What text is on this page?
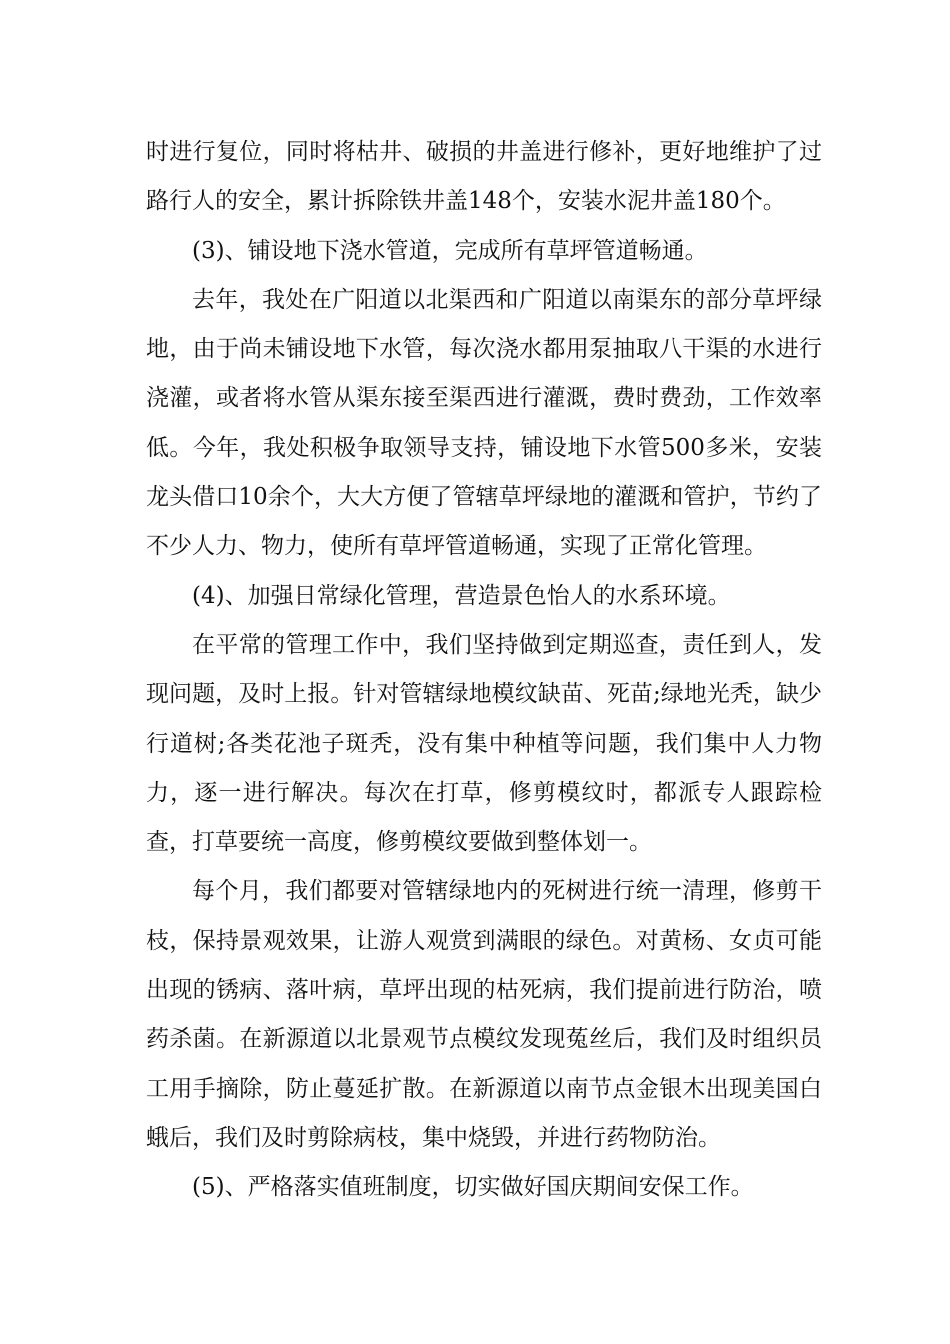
时进行复位，同时将枯井、破损的井盖进行修补，更好地维护了过路行人的安全，累计拆除铁井盖148个，安装水泥井盖180个。

(3)、铺设地下浇水管道，完成所有草坪管道畅通。

去年，我处在广阳道以北渠西和广阳道以南渠东的部分草坪绿地，由于尚未铺设地下水管，每次浇水都用泵抽取八干渠的水进行浇灌，或者将水管从渠东接至渠西进行灌溉，费时费劲，工作效率低。今年，我处积极争取领导支持，铺设地下水管500多米，安装龙头借口10余个，大大方便了管辖草坪绿地的灌溉和管护，节约了不少人力、物力，使所有草坪管道畅通，实现了正常化管理。

(4)、加强日常绿化管理，营造景色怡人的水系环境。

在平常的管理工作中，我们坚持做到定期巡查，责任到人，发现问题，及时上报。针对管辖绿地模纹缺苗、死苗;绿地光秃，缺少行道树;各类花池子斑秃，没有集中种植等问题，我们集中人力物力，逐一进行解决。每次在打草，修剪模纹时，都派专人跟踪检查，打草要统一高度，修剪模纹要做到整体划一。

每个月，我们都要对管辖绿地内的死树进行统一清理，修剪干枝，保持景观效果，让游人观赏到满眼的绿色。对黄杨、女贞可能出现的锈病、落叶病，草坪出现的枯死病，我们提前进行防治，喷药杀菌。在新源道以北景观节点模纹发现菟丝后，我们及时组织员工用手摘除，防止蔓延扩散。在新源道以南节点金银木出现美国白蛾后，我们及时剪除病枝，集中烧毁，并进行药物防治。

(5)、严格落实值班制度，切实做好国庆期间安保工作。
